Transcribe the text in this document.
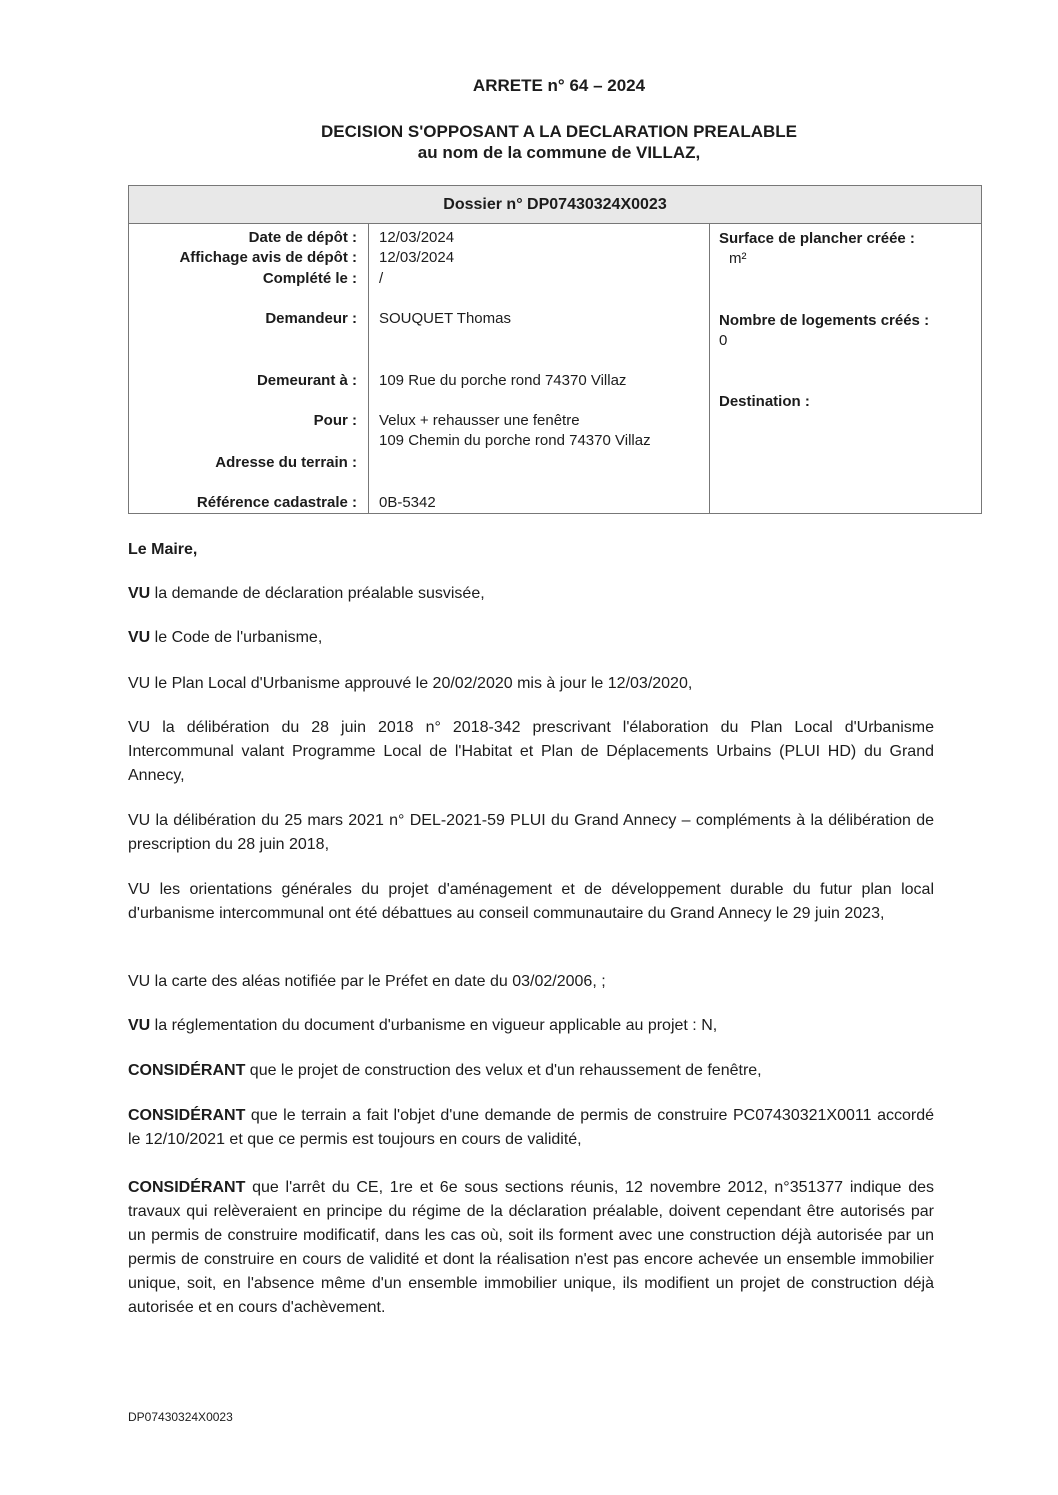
ARRETE n° 64 – 2024
DECISION S'OPPOSANT A LA DECLARATION PREALABLE
au nom de la commune de VILLAZ,
Dossier n° DP07430324X0023
Date de dépôt :
Affichage avis de dépôt :
Complété le :
Demandeur :
Demeurant à :
Pour :
Adresse du terrain :
Référence cadastrale :
12/03/2024
12/03/2024
/
SOUQUET Thomas
109 Rue du porche rond 74370 Villaz
Velux + rehausser une fenêtre
109 Chemin du porche rond 74370 Villaz
0B-5342
Surface de plancher créée :
m²
Nombre de logements créés :
0
Destination :
Le Maire,
VU la demande de déclaration préalable susvisée,
VU le Code de l'urbanisme,
VU le Plan Local d'Urbanisme approuvé le 20/02/2020 mis à jour le 12/03/2020,
VU la délibération du 28 juin 2018 n° 2018-342 prescrivant l'élaboration du Plan Local d'Urbanisme Intercommunal valant Programme Local de l'Habitat et Plan de Déplacements Urbains (PLUI HD) du Grand Annecy,
VU la délibération du 25 mars 2021 n° DEL-2021-59 PLUI du Grand Annecy – compléments à la délibération de prescription du 28 juin 2018,
VU les orientations générales du projet d'aménagement et de développement durable du futur plan local d'urbanisme intercommunal ont été débattues au conseil communautaire du Grand Annecy le 29 juin 2023,
VU la carte des aléas notifiée par le Préfet en date du 03/02/2006, ;
VU la réglementation du document d'urbanisme en vigueur applicable au projet : N,
CONSIDÉRANT que le projet de construction des velux et d'un rehaussement de fenêtre,
CONSIDÉRANT que le terrain a fait l'objet d'une demande de permis de construire PC07430321X0011 accordé le 12/10/2021 et que ce permis est toujours en cours de validité,
CONSIDÉRANT que l'arrêt du CE, 1re et 6e sous sections réunis, 12 novembre 2012, n°351377 indique des travaux qui relèveraient en principe du régime de la déclaration préalable, doivent cependant être autorisés par un permis de construire modificatif, dans les cas où, soit ils forment avec une construction déjà autorisée par un permis de construire en cours de validité et dont la réalisation n'est pas encore achevée un ensemble immobilier unique, soit, en l'absence même d'un ensemble immobilier unique, ils modifient un projet de construction déjà autorisée et en cours d'achèvement.
DP07430324X0023
